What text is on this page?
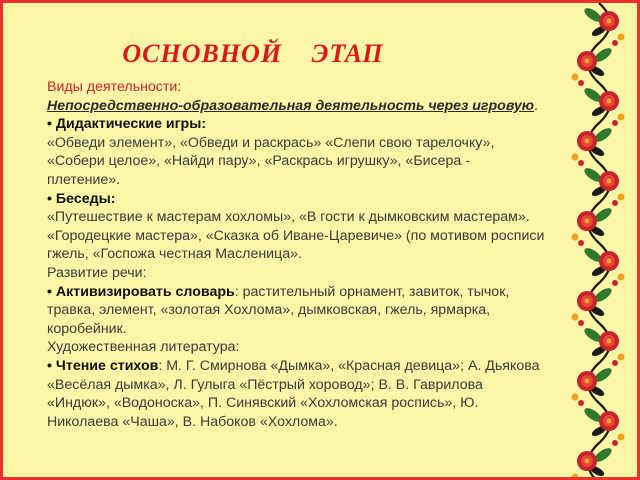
ОСНОВНОЙ ЭТАП

Виды деятельности:

Непосредственно-образовательная деятельность через игровую.

• Дидактические игры:

«Обведи элемент», «Обведи и раскрась» «Слепи свою тарелочку», «Собери целое», «Найди пару», «Раскрась игрушку», «Бисера - плетение».

• Беседы:

«Путешествие к мастерам хохломы», «В гости к дымковским мастерам». «Городецкие мастера», «Сказка об Иване-Царевиче» (по мотивом росписи гжель, «Госпожа честная Масленица».

Развитие речи:

• Активизировать словарь: растительный орнамент, завиток, тычок, травка, элемент, «золотая Хохлома», дымковская, гжель, ярмарка, коробейник.

Художественная литература:

• Чтение стихов: М. Г. Смирнова «Дымка», «Красная девица»; А. Дьякова «Весёлая дымка», Л. Гулыга «Пёстрый хоровод»; В. В. Гаврилова «Индюк», «Водоноска», П. Синявский «Хохломская роспись», Ю. Николаева «Чаша», В. Набоков «Хохлома».
